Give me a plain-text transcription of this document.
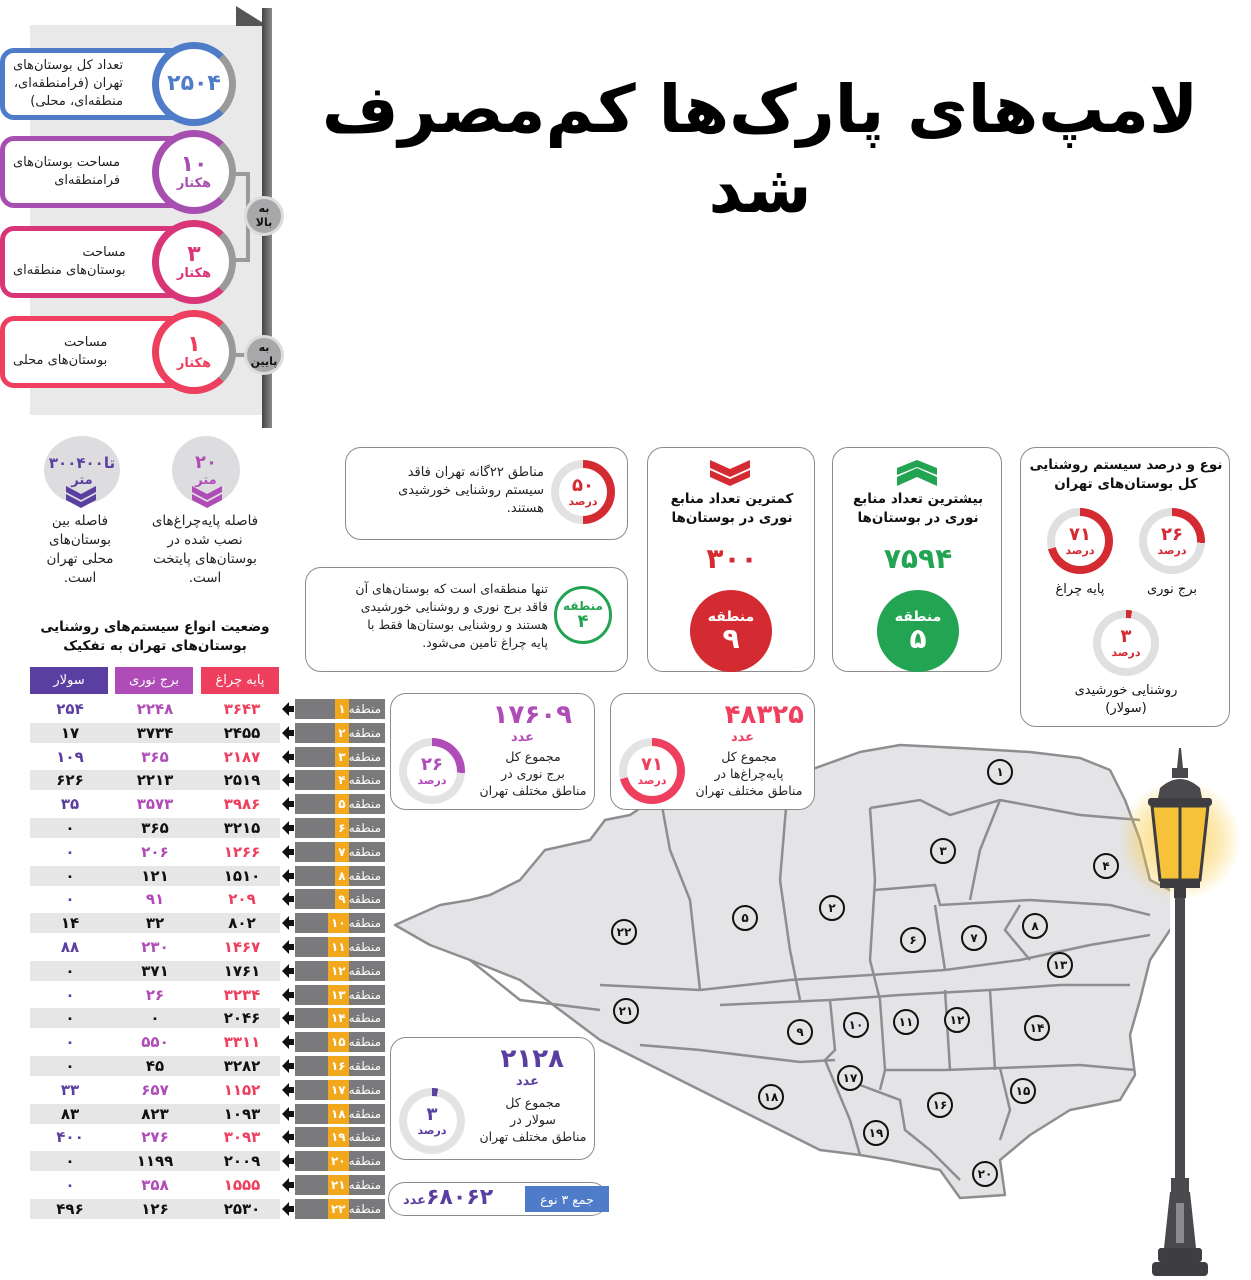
تعداد کل بوستان‌های
تهران (فرامنطقه‌ای،
منطقه‌ای، محلی)
۲۵۰۴
مساحت بوستان‌های
فرامنطقه‌ای
۱۰
هکتار
مساحت
بوستان‌های منطقه‌ای
۳
هکتار
مساحت
بوستان‌های محلی
۱
هکتار
به
بالا
به
پایین
۲۰
متر
فاصله پایه‌چراغ‌های
نصب شده در
بوستان‌های پایتخت
است.
۳۰۰تا۴۰۰
متر
فاصله بین
بوستان‌های
محلی تهران
است.
وضعیت انواع سیستم‌های روشنایی
بوستان‌های تهران به تفکیک
سولار	برج نوری	پایه چراغ
۲۵۴	۲۲۴۸	۳۶۴۳	منطقه
۱
۱۷	۳۷۳۴	۲۴۵۵	منطقه
۲
۱۰۹	۳۶۵	۲۱۸۷	منطقه
۳
۶۲۶	۲۲۱۳	۲۵۱۹	منطقه
۴
۳۵	۳۵۷۳	۳۹۸۶	منطقه
۵
۰	۳۶۵	۳۲۱۵	منطقه
۶
۰	۲۰۶	۱۲۶۶	منطقه
۷
۰	۱۲۱	۱۵۱۰	منطقه
۸
۰	۹۱	۲۰۹	منطقه
۹
۱۴	۳۲	۸۰۲	منطقه
۱۰
۸۸	۲۳۰	۱۴۶۷	منطقه
۱۱
۰	۳۷۱	۱۷۶۱	منطقه
۱۲
۰	۲۶	۳۲۳۴	منطقه
۱۳
۰	۰	۲۰۴۶	منطقه
۱۴
۰	۵۵۰	۳۳۱۱	منطقه
۱۵
۰	۴۵	۳۲۸۲	منطقه
۱۶
۳۳	۶۵۷	۱۱۵۲	منطقه
۱۷
۸۳	۸۲۳	۱۰۹۳	منطقه
۱۸
۴۰۰	۲۷۶	۳۰۹۳	منطقه
۱۹
۰	۱۱۹۹	۲۰۰۹	منطقه
۲۰
۰	۳۵۸	۱۵۵۵	منطقه
۲۱
۴۹۶	۱۲۶	۲۵۳۰	منطقه
۲۲
لامپ‌های پارک‌ها کم‌مصرف
شد
۵۰
درصد
مناطق ۲۲گانه تهران فاقد
سیستم روشنایی خورشیدی
هستند.
منطقه
۴
تنها منطقه‌ای است که بوستان‌های آن
فاقد برج نوری و روشنایی خورشیدی
هستند و روشنایی بوستان‌ها فقط با
پایه چراغ تامین می‌شود.
کمترین تعداد منابع
نوری در بوستان‌ها
۳۰۰
منطقه
۹
بیشترین تعداد منابع
نوری در بوستان‌ها
۷۵۹۴
منطقه
۵
نوع و درصد سیستم روشنایی
کل بوستان‌های تهران
۲۶
درصد
برج نوری
۷۱
درصد
پایه چراغ
۳
درصد
روشنایی خورشیدی
(سولار)
۱
۲
۳
۴
۵
۶	۷
۸
۹	۱۰	۱۱	۱۲
۱۳
۱۴
۱۵
۱۶
۱۷
۱۸
۱۹
۲۰
۲۱
۲۲
۴۸۳۲۵
عدد
مجموع کل
پایه‌چراغ‌ها در
مناطق مختلف تهران
۷۱
درصد
۱۷۶۰۹
عدد
مجموع کل
برج نوری در
مناطق مختلف تهران
۲۶
درصد
۲۱۲۸
عدد
مجموع کل
سولار در
مناطق مختلف تهران
۳
درصد
جمع ۳ نوع
۶۸۰۶۲عدد
